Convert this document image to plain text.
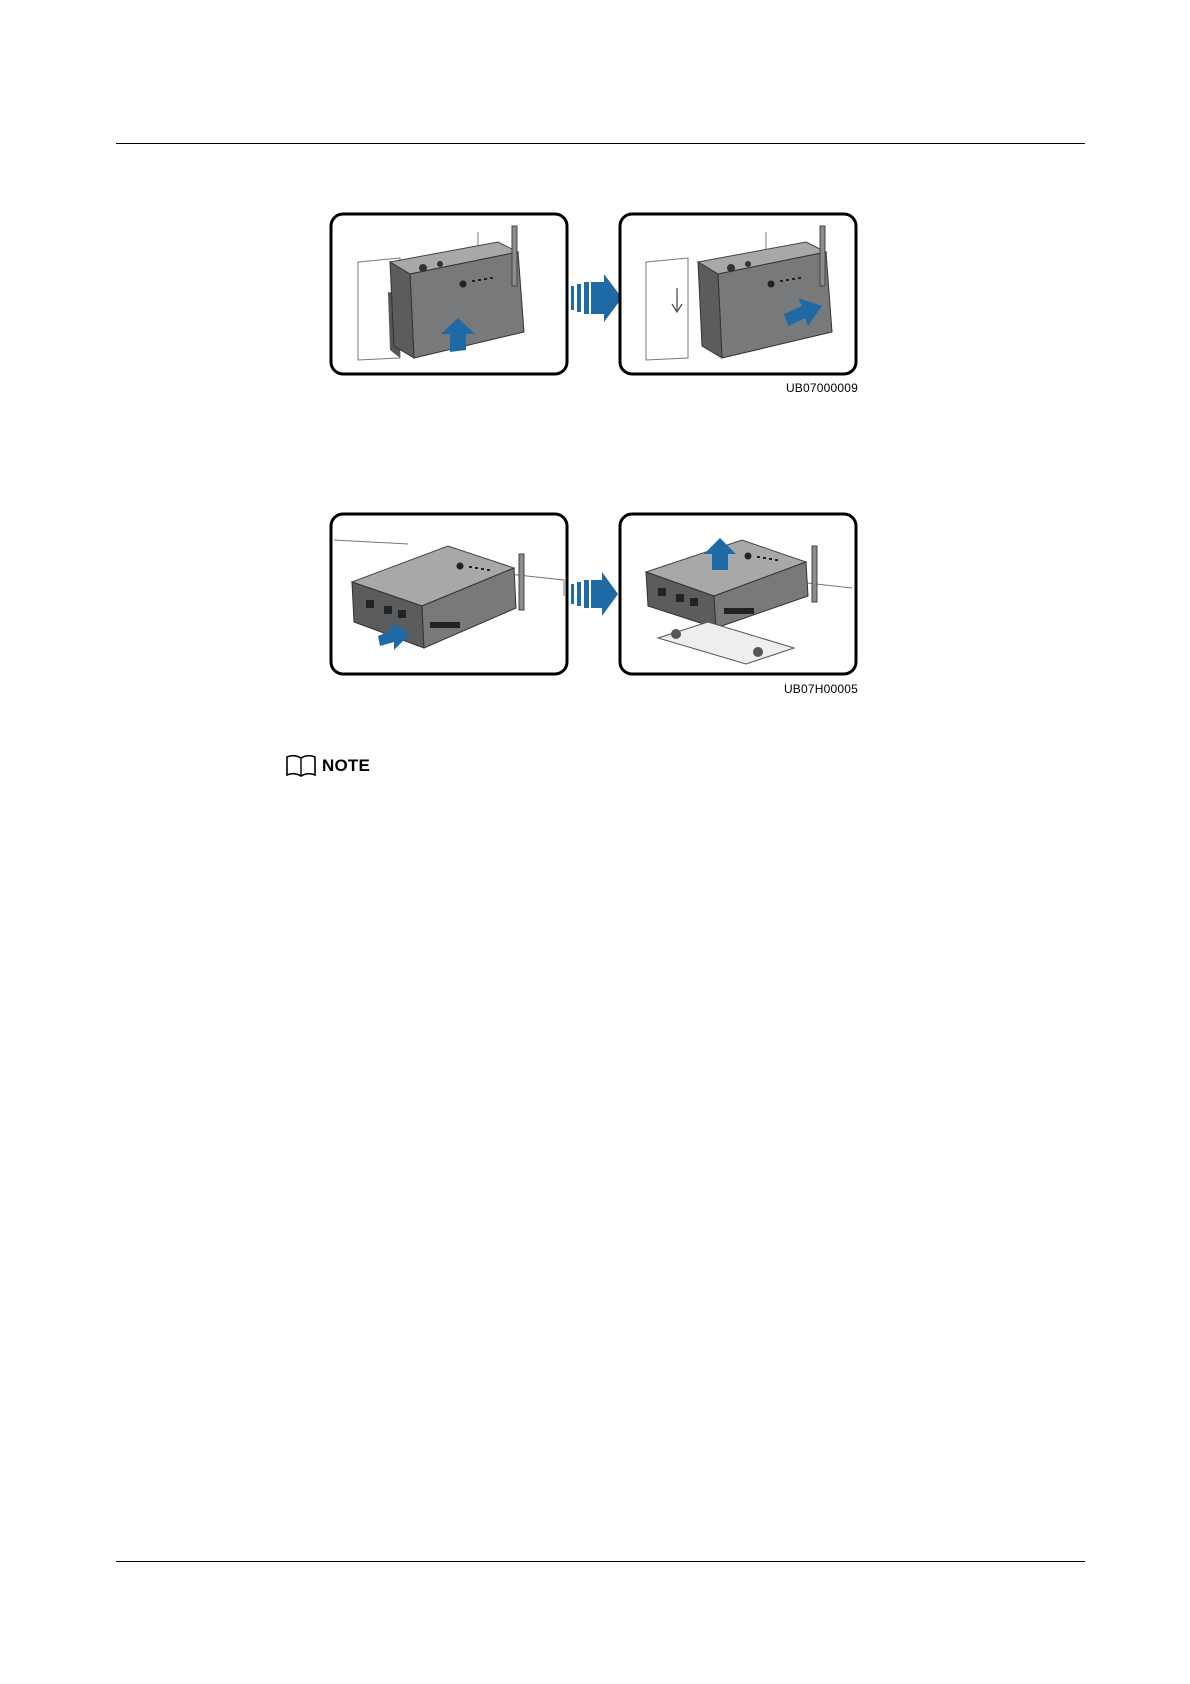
UB07000009
UB07H00005
NOTE
